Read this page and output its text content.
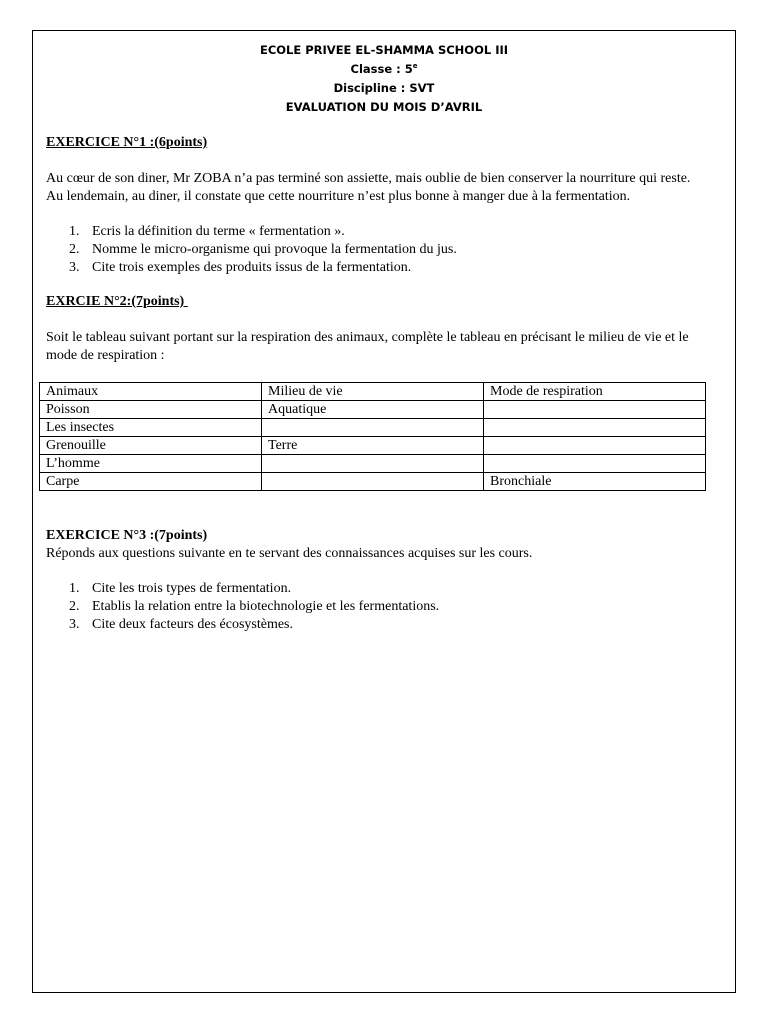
ECOLE PRIVEE EL-SHAMMA SCHOOL III
Classe : 5e
Discipline : SVT
EVALUATION DU MOIS D’AVRIL
EXERCICE N°1 :(6points)
Au cœur de son diner, Mr ZOBA n’a pas terminé son assiette, mais oublie de bien conserver la nourriture qui reste.
Au lendemain, au diner, il constate que cette nourriture n’est plus bonne à manger due à la fermentation.
1. Ecris la définition du terme « fermentation ».
2. Nomme le micro-organisme qui provoque la fermentation du jus.
3. Cite trois exemples des produits issus de la fermentation.
EXRCIE N°2:(7points)
Soit le tableau suivant portant sur la respiration des animaux, complète le tableau en précisant le milieu de vie et le
mode de respiration :
Animaux	Milieu de vie	Mode de respiration
Poisson	Aquatique	
Les insectes		
Grenouille	Terre	
L’homme		
Carpe		Bronchiale
EXERCICE N°3 :(7points)
Réponds aux questions suivante en te servant des connaissances acquises sur les cours.
1. Cite les trois types de fermentation.
2. Etablis la relation entre la biotechnologie et les fermentations.
3. Cite deux facteurs des écosystèmes.
